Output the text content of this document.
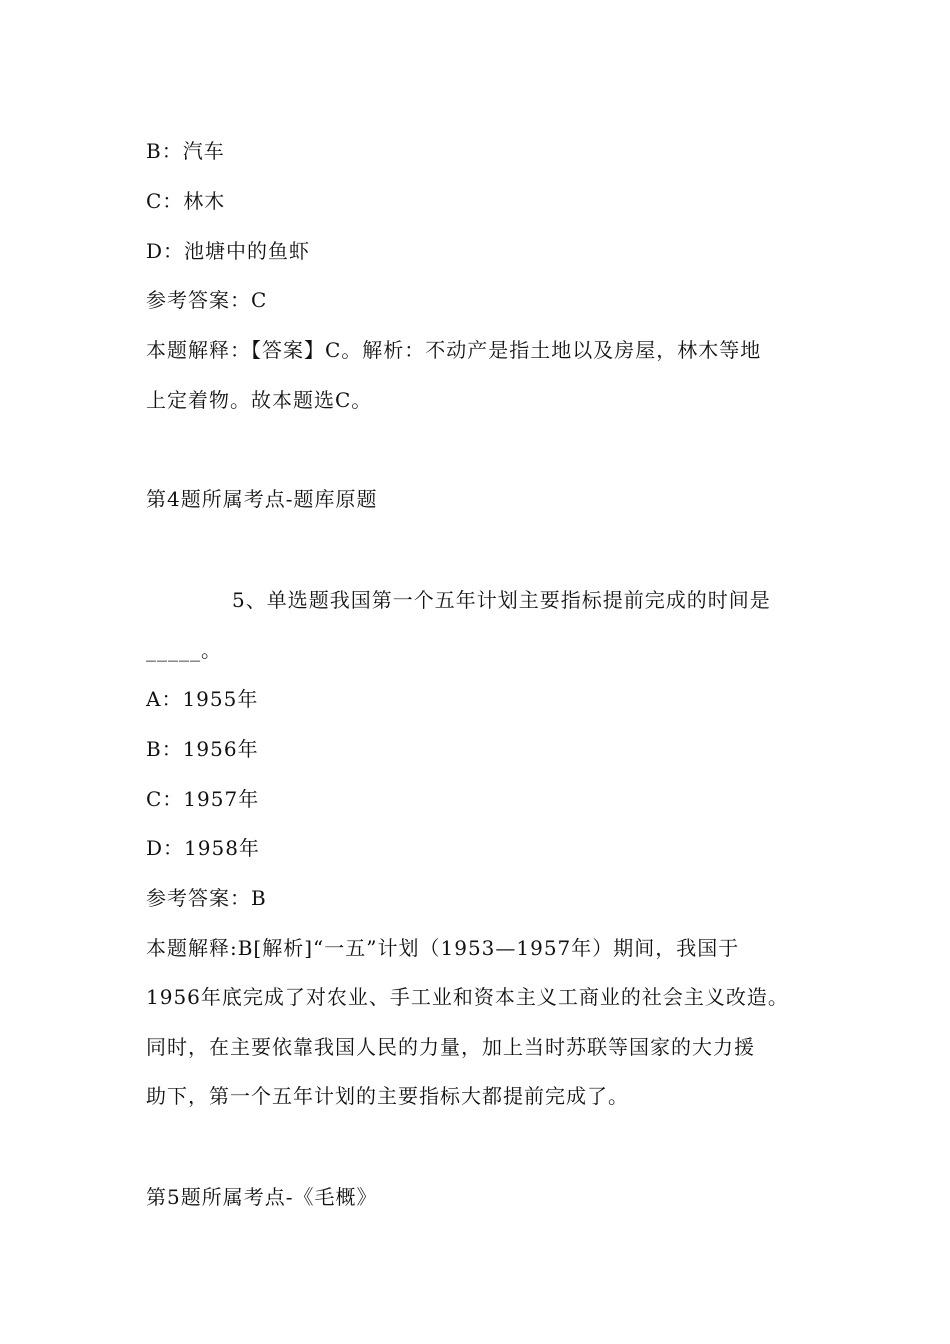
B：汽车
C：林木
D：池塘中的鱼虾
参考答案：C
本题解释：【答案】C。解析：不动产是指土地以及房屋，林木等地
上定着物。故本题选C。
第4题所属考点-题库原题
5、单选题我国第一个五年计划主要指标提前完成的时间是
_____。
A：1955年
B：1956年
C：1957年
D：1958年
参考答案：B
本题解释:B[解析]“一五”计划（1953—1957年）期间，我国于
1956年底完成了对农业、手工业和资本主义工商业的社会主义改造。
同时，在主要依靠我国人民的力量，加上当时苏联等国家的大力援
助下，第一个五年计划的主要指标大都提前完成了。
第5题所属考点-《毛概》
